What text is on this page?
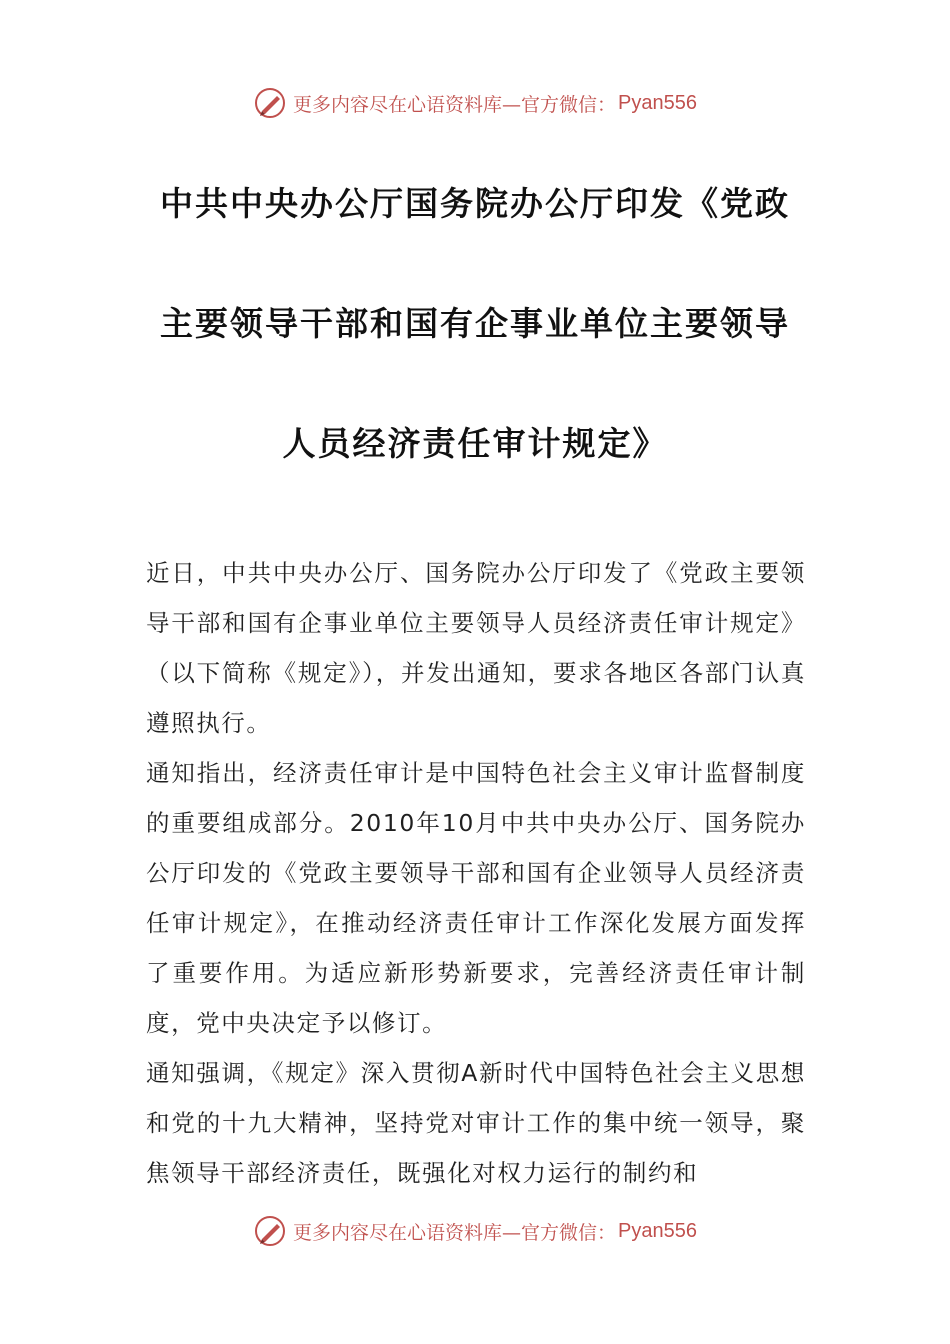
更多内容尽在心语资料库—官方微信： Pyan556
中共中央办公厅国务院办公厅印发《党政
主要领导干部和国有企事业单位主要领导
人员经济责任审计规定》

近日，中共中央办公厅、国务院办公厅印发了《党政主要领导干部和国有企事业单位主要领导人员经济责任审计规定》（以下简称《规定》），并发出通知，要求各地区各部门认真遵照执行。

通知指出，经济责任审计是中国特色社会主义审计监督制度的重要组成部分。2010年10月中共中央办公厅、国务院办公厅印发的《党政主要领导干部和国有企业领导人员经济责任审计规定》，在推动经济责任审计工作深化发展方面发挥了重要作用。为适应新形势新要求，完善经济责任审计制度，党中央决定予以修订。

通知强调，《规定》深入贯彻A新时代中国特色社会主义思想和党的十九大精神，坚持党对审计工作的集中统一领导，聚焦领导干部经济责任，既强化对权力运行的制约和

更多内容尽在心语资料库—官方微信： Pyan556
